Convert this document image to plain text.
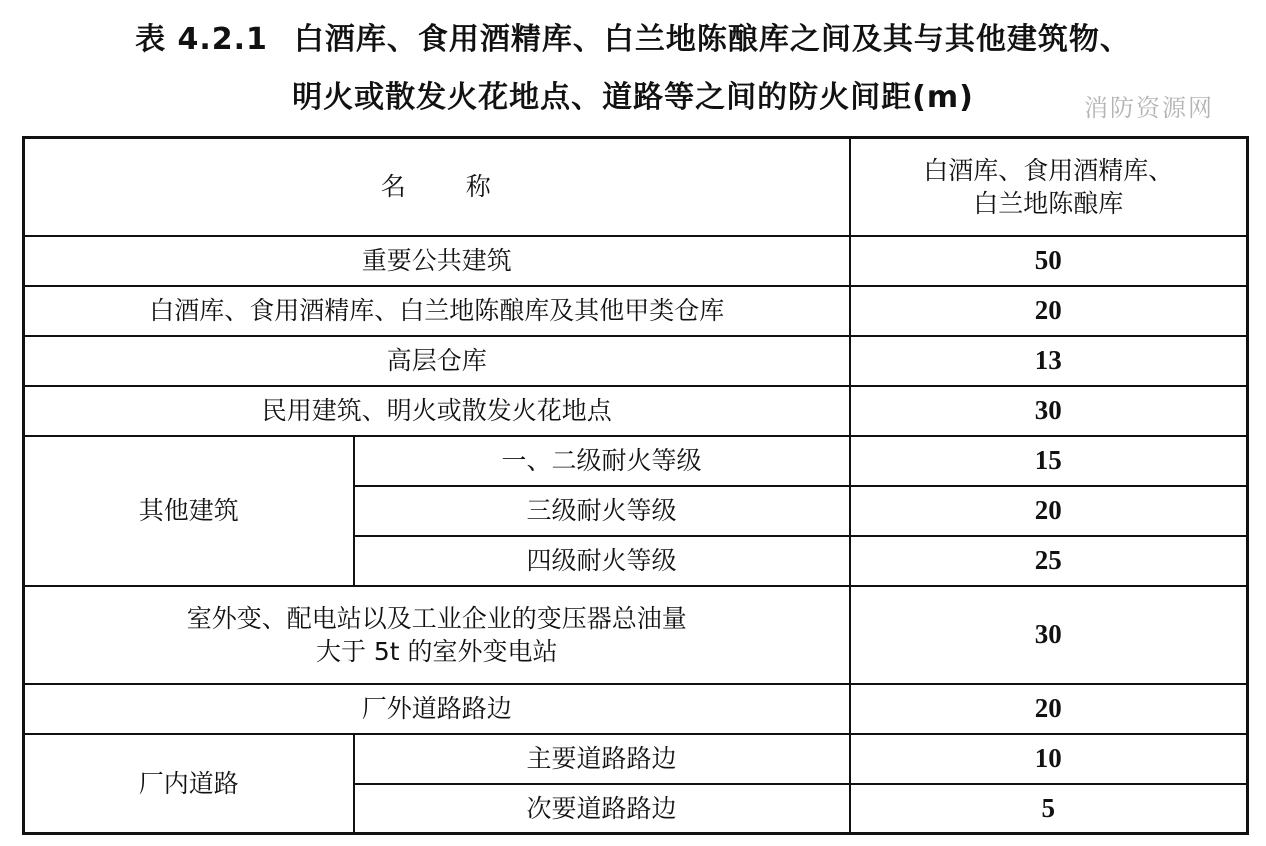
表 4.2.1 白酒库、食用酒精库、白兰地陈酿库之间及其与其他建筑物、
明火或散发火花地点、道路等之间的防火间距(m)	消防资源网
名 称		白酒库、食用酒精库、
白兰地陈酿库

重要公共建筑		50
白酒库、食用酒精库、白兰地陈酿库及其他甲类仓库		20
高层仓库		13
民用建筑、明火或散发火花地点		30
其他建筑	一、二级耐火等级	15
	三级耐火等级	20
	四级耐火等级	25

室外变、配电站以及工业企业的变压器总油量
大于 5t 的室外变电站		30
厂外道路路边		20
厂内道路	主要道路路边	10
	次要道路路边	5
